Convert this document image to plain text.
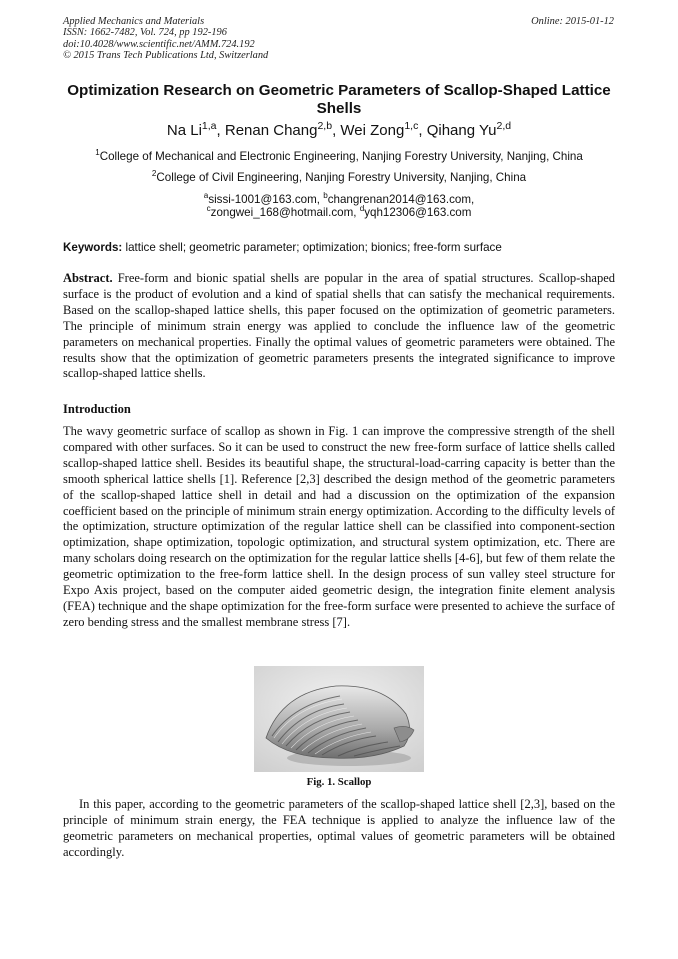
Applied Mechanics and Materials
ISSN: 1662-7482, Vol. 724, pp 192-196
doi:10.4028/www.scientific.net/AMM.724.192
© 2015 Trans Tech Publications Ltd, Switzerland
Online: 2015-01-12
Optimization Research on Geometric Parameters of Scallop-Shaped Lattice Shells
Na Li$^{1,a}$, Renan Chang$^{2,b}$, Wei Zong$^{1,c}$, Qihang Yu$^{2,d}$
$^1$College of Mechanical and Electronic Engineering, Nanjing Forestry University, Nanjing, China
$^2$College of Civil Engineering, Nanjing Forestry University, Nanjing, China
$^a$sissi-1001@163.com, $^b$changrenan2014@163.com,
$^c$zongwei_168@hotmail.com, $^d$yqh12306@163.com
Keywords: lattice shell; geometric parameter; optimization; bionics; free-form surface
Abstract. Free-form and bionic spatial shells are popular in the area of spatial structures. Scallop-shaped surface is the product of evolution and a kind of spatial shells that can satisfy the mechanical requirements. Based on the scallop-shaped lattice shells, this paper focused on the optimization of geometric parameters. The principle of minimum strain energy was applied to conclude the influence law of the geometric parameters on mechanical properties. Finally the optimal values of geometric parameters were obtained. The results show that the optimization of geometric parameters presents the integrated significance to improve scallop-shaped lattice shells.
Introduction
The wavy geometric surface of scallop as shown in Fig. 1 can improve the compressive strength of the shell compared with other surfaces. So it can be used to construct the new free-form surface of lattice shells called scallop-shaped lattice shell. Besides its beautiful shape, the structural-load-carring capacity is better than the smooth spherical lattice shells [1]. Reference [2,3] described the design method of the geometric parameters of the scallop-shaped lattice shell in detail and had a discussion on the optimization of the expansion coefficient based on the principle of minimum strain energy optimization. According to the difficulty levels of the optimization, structure optimization of the regular lattice shell can be classified into component-section optimization, shape optimization, topologic optimization, and structural system optimization, etc. There are many scholars doing research on the optimization for the regular lattice shells [4-6], but few of them relate the geometric optimization to the free-form lattice shell. In the design process of sun valley steel structure for Expo Axis project, based on the computer aided geometric design, the integration finite element analysis (FEA) technique and the shape optimization for the free-form surface were presented to achieve the surface of zero bending stress and the smallest membrane stress [7].
Fig. 1. Scallop
In this paper, according to the geometric parameters of the scallop-shaped lattice shell [2,3], based on the principle of minimum strain energy, the FEA technique is applied to analyze the influence law of the geometric parameters on mechanical properties, optimal values of geometric parameters will be obtained accordingly.
